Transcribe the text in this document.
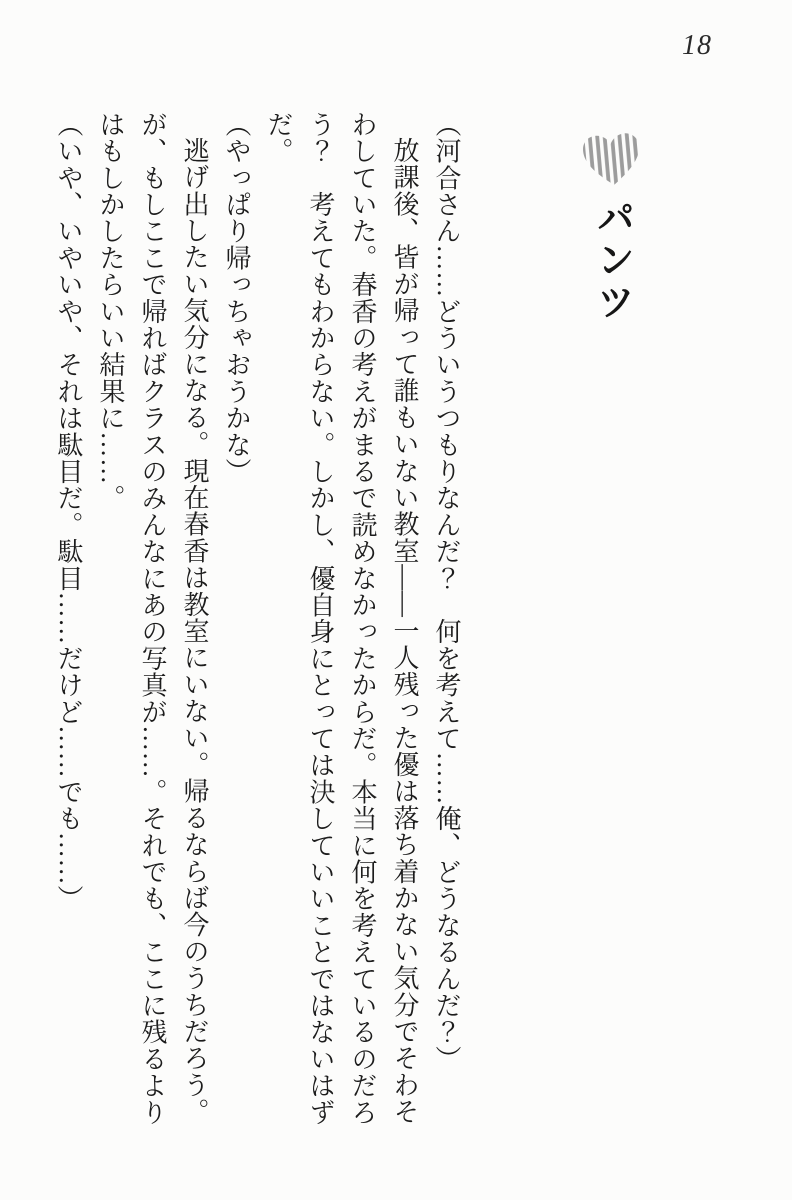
18
パンツ
（河合さん……どういうつもりなんだ？　何を考えて……俺、どうなるんだ？）
放課後、皆が帰って誰もいない教室――一人残った優は落ち着かない気分でそわそ
わしていた。春香の考えがまるで読めなかったからだ。本当に何を考えているのだろ
う？　考えてもわからない。しかし、優自身にとっては決していいことではないはず
だ。
（やっぱり帰っちゃおうかな）
逃げ出したい気分になる。現在春香は教室にいない。帰るならば今のうちだろう。
が、もしここで帰ればクラスのみんなにあの写真が……。それでも、ここに残るより
はもしかしたらいい結果に……。
（いや、いやいや、それは駄目だ。駄目……だけど……でも……）
